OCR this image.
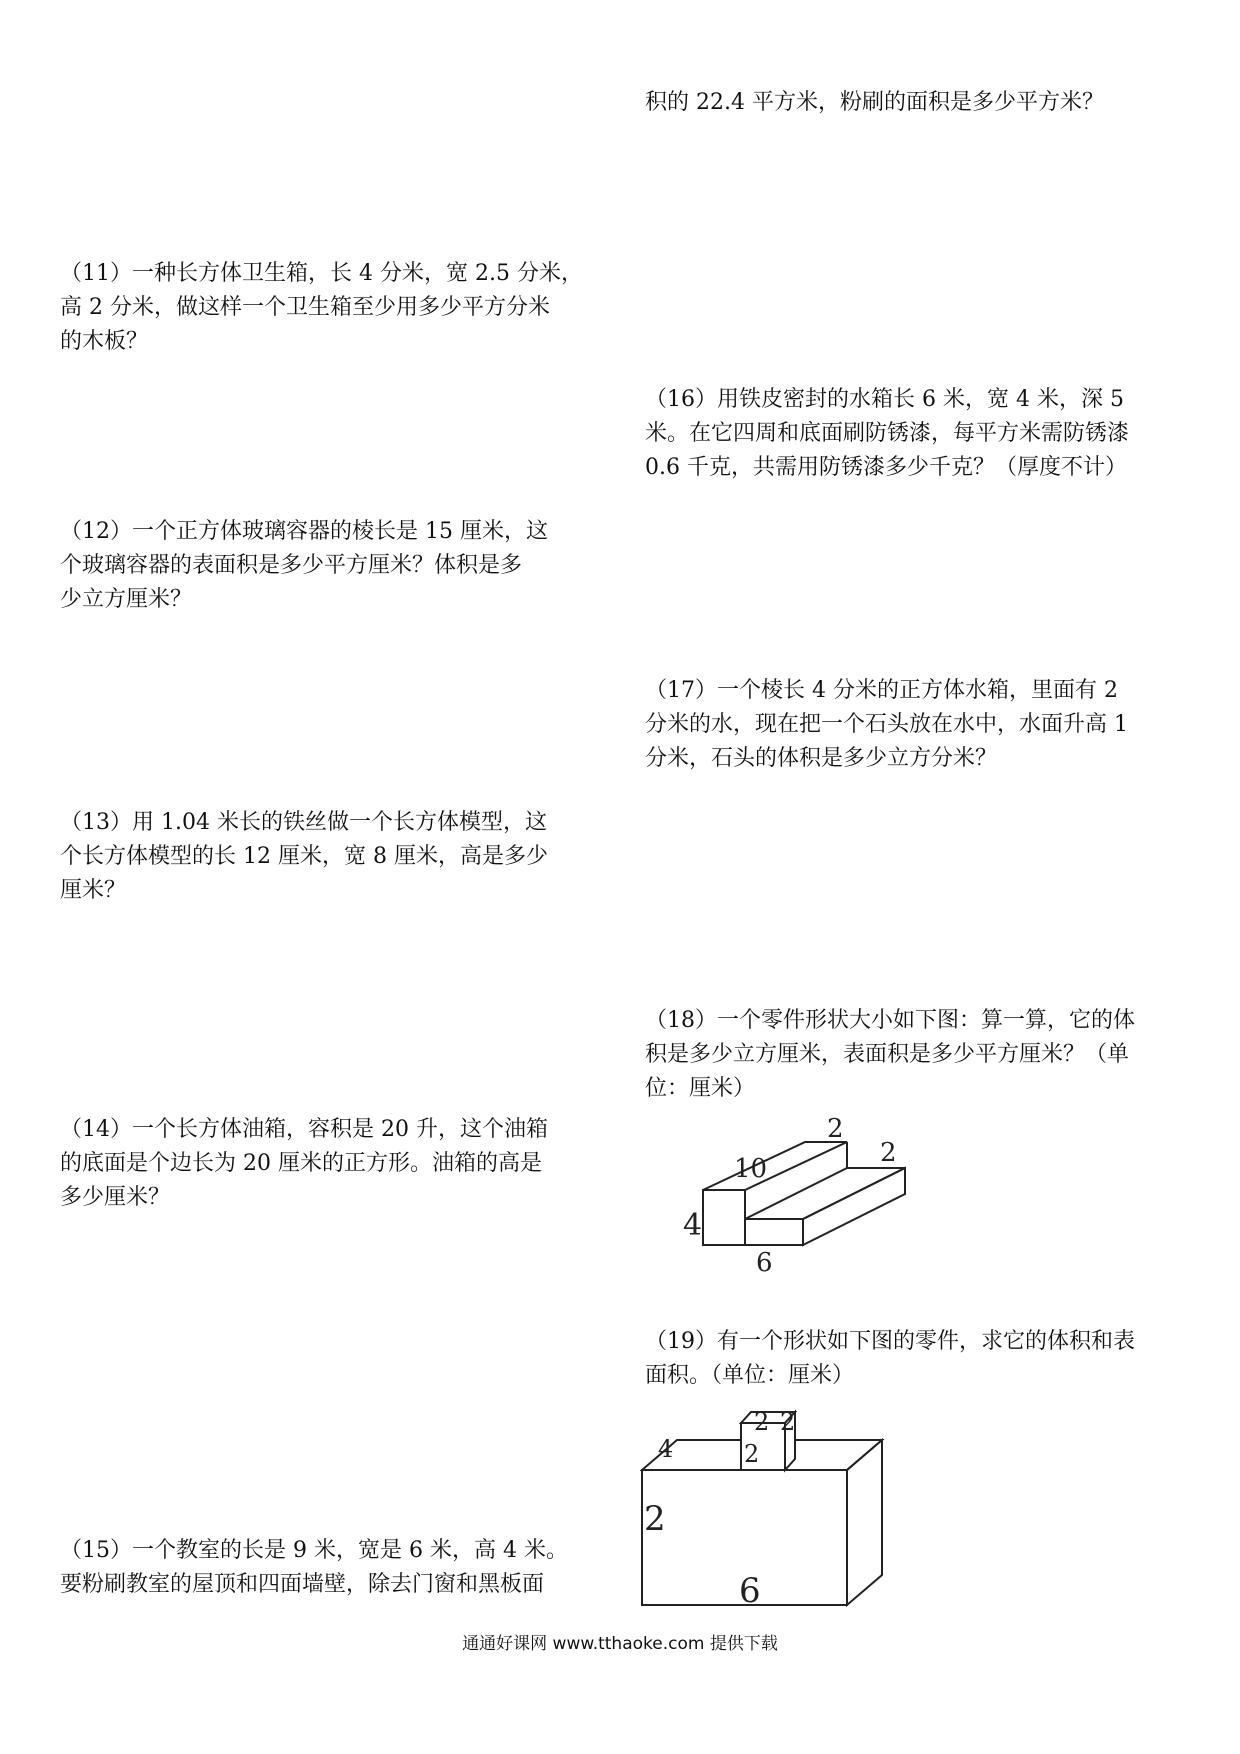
积的 22.4 平方米，粉刷的面积是多少平方米？
（11）一种长方体卫生箱，长 4 分米，宽 2.5 分米，
高 2 分米，做这样一个卫生箱至少用多少平方分米
的木板？
（12）一个正方体玻璃容器的棱长是 15 厘米，这
个玻璃容器的表面积是多少平方厘米？体积是多
少立方厘米？
（13）用 1.04 米长的铁丝做一个长方体模型，这
个长方体模型的长 12 厘米，宽 8 厘米，高是多少
厘米？
（14）一个长方体油箱，容积是 20 升，这个油箱
的底面是个边长为 20 厘米的正方形。油箱的高是
多少厘米？
（15）一个教室的长是 9 米，宽是 6 米，高 4 米。
要粉刷教室的屋顶和四面墙壁，除去门窗和黑板面
（16）用铁皮密封的水箱长 6 米，宽 4 米，深 5
米。在它四周和底面刷防锈漆，每平方米需防锈漆
0.6 千克，共需用防锈漆多少千克？（厚度不计）
（17）一个棱长 4 分米的正方体水箱，里面有 2
分米的水，现在把一个石头放在水中，水面升高 1
分米，石头的体积是多少立方分米？
（18）一个零件形状大小如下图：算一算，它的体
积是多少立方厘米，表面积是多少平方厘米？（单
位：厘米）
2
10
2
4
6
（19）有一个形状如下图的零件，求它的体积和表
面积。（单位：厘米）
2 2
2
4
2
6
通通好课网 www.tthaoke.com 提供下载
